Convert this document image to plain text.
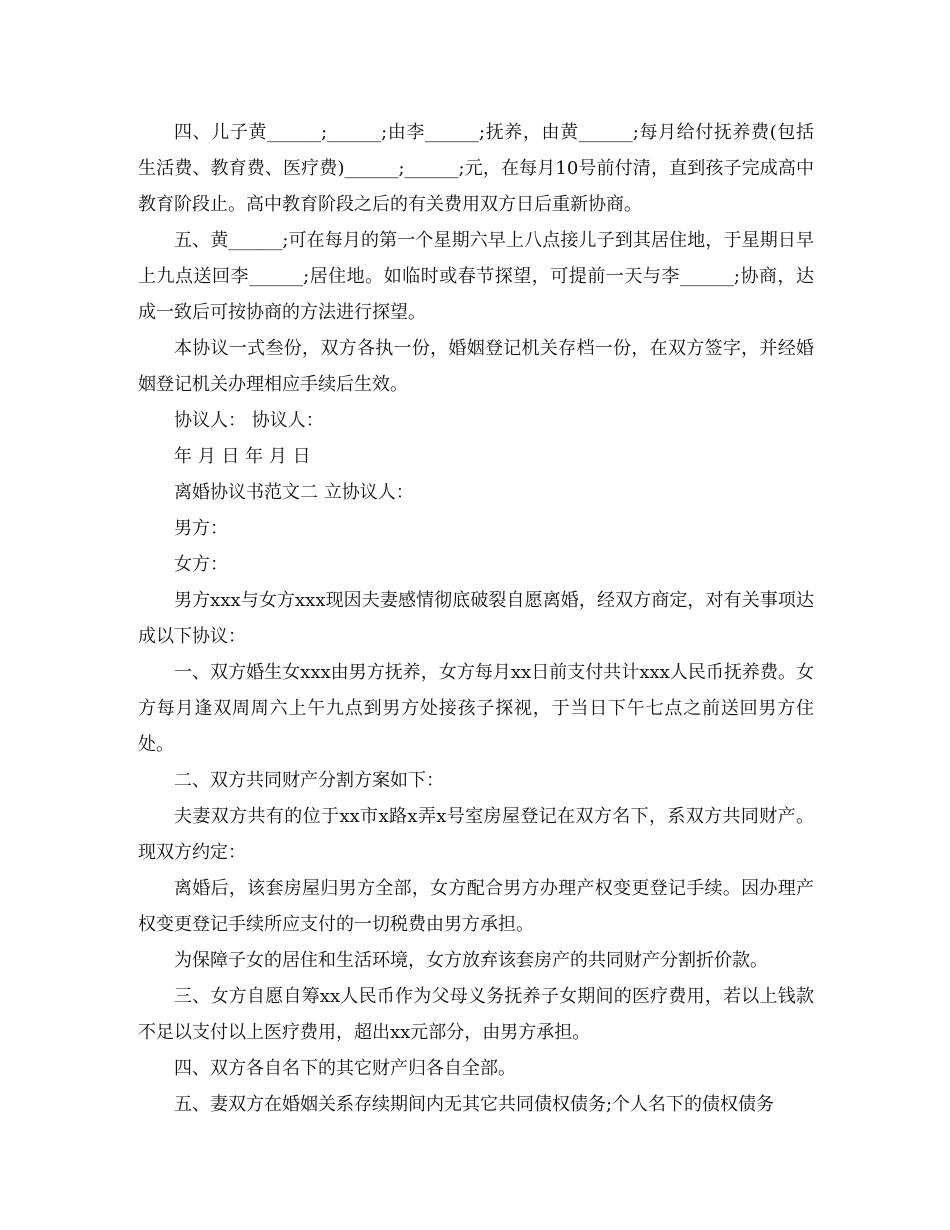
四、儿子黄______;______;由李______;抚养，由黄______;每月给付抚养费(包括生活费、教育费、医疗费)______;______;元，在每月10号前付清，直到孩子完成高中教育阶段止。高中教育阶段之后的有关费用双方日后重新协商。

五、黄______;可在每月的第一个星期六早上八点接儿子到其居住地，于星期日早上九点送回李______;居住地。如临时或春节探望，可提前一天与李______;协商，达成一致后可按协商的方法进行探望。

本协议一式叁份，双方各执一份，婚姻登记机关存档一份，在双方签字，并经婚姻登记机关办理相应手续后生效。

协议人： 协议人：

年 月 日 年 月 日

离婚协议书范文二 立协议人：

男方：

女方：

男方xxx与女方xxx现因夫妻感情彻底破裂自愿离婚，经双方商定，对有关事项达成以下协议：

一、双方婚生女xxx由男方抚养，女方每月xx日前支付共计xxx人民币抚养费。女方每月逢双周周六上午九点到男方处接孩子探视，于当日下午七点之前送回男方住处。

二、双方共同财产分割方案如下：

夫妻双方共有的位于xx市x路x弄x号室房屋登记在双方名下，系双方共同财产。现双方约定：

离婚后，该套房屋归男方全部，女方配合男方办理产权变更登记手续。因办理产权变更登记手续所应支付的一切税费由男方承担。

为保障子女的居住和生活环境，女方放弃该套房产的共同财产分割折价款。

三、女方自愿自筹xx人民币作为父母义务抚养子女期间的医疗费用，若以上钱款不足以支付以上医疗费用，超出xx元部分，由男方承担。

四、双方各自名下的其它财产归各自全部。

五、妻双方在婚姻关系存续期间内无其它共同债权债务;个人名下的债权债务
